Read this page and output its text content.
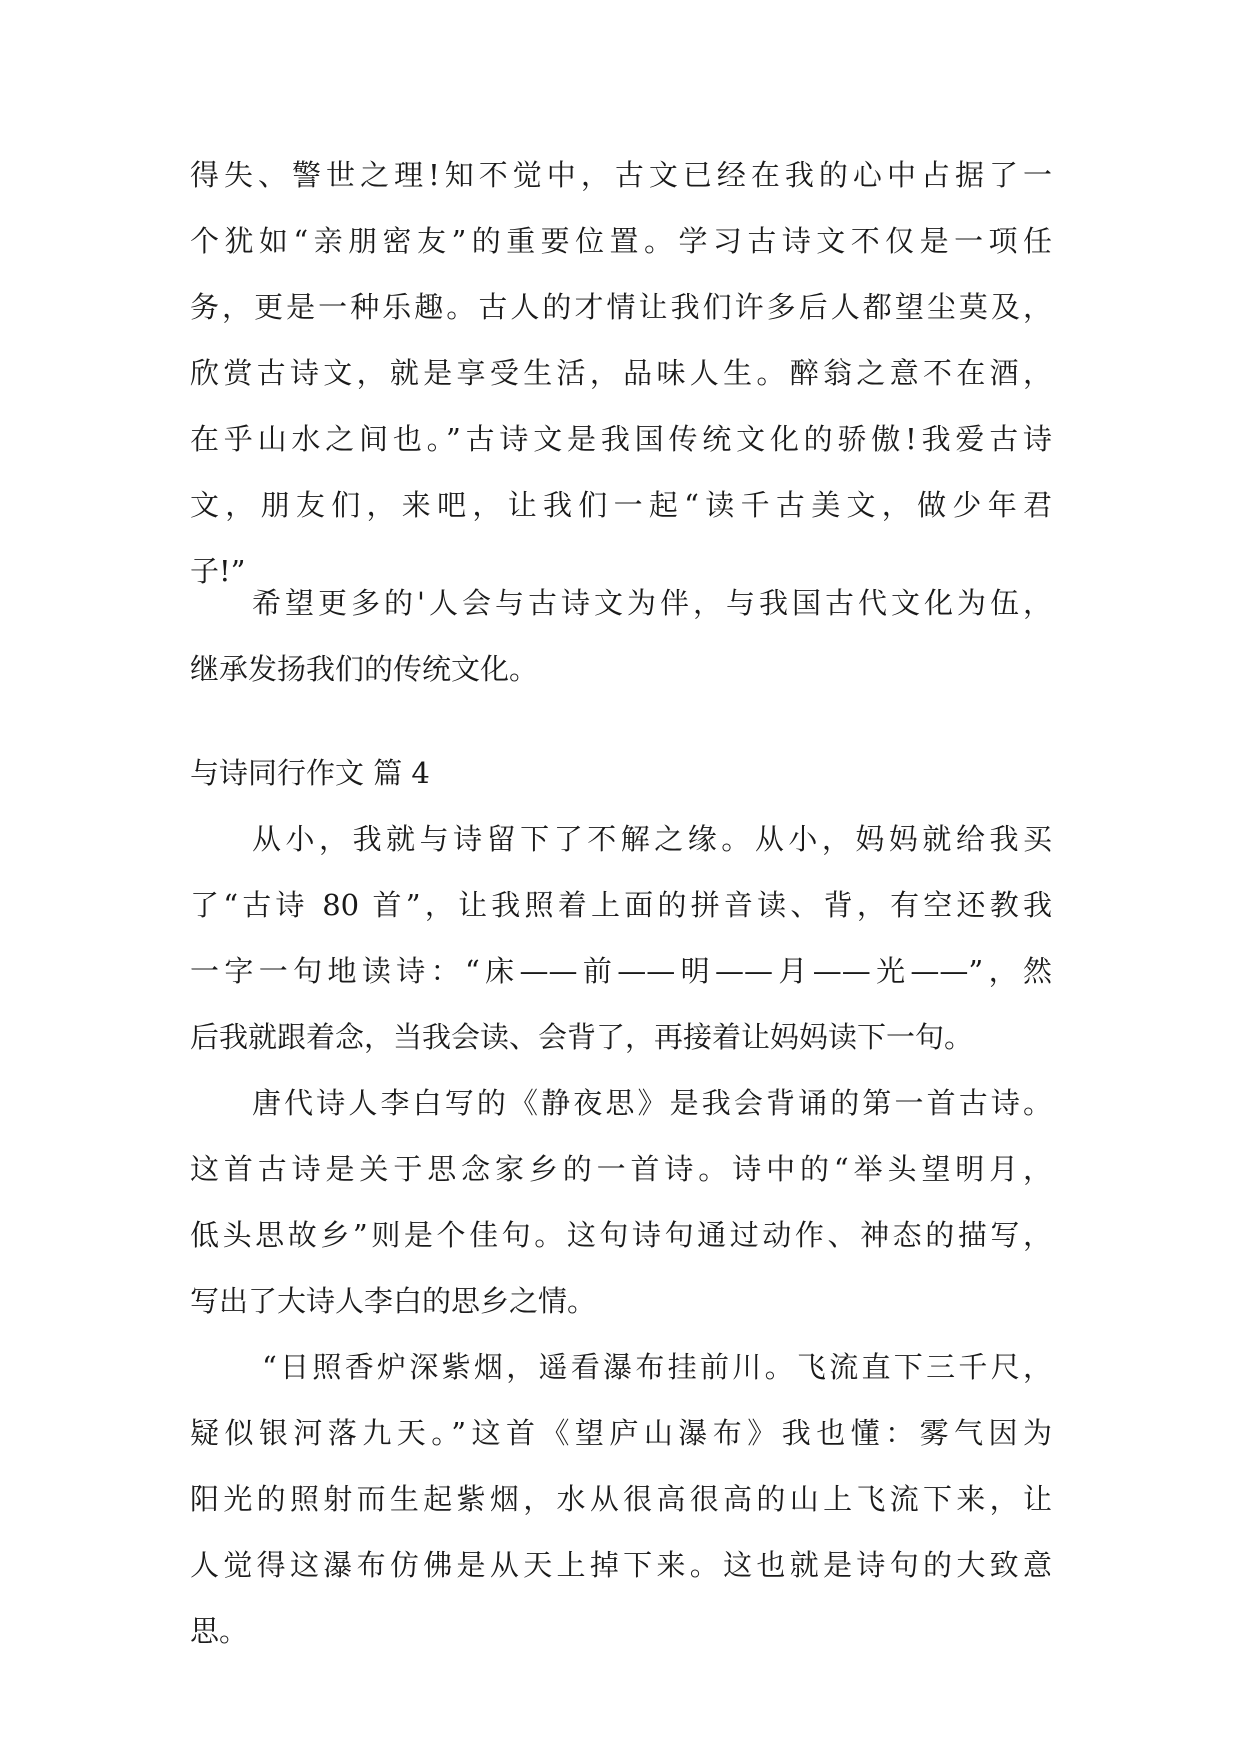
得失、警世之理!知不觉中，古文已经在我的心中占据了一
个犹如“亲朋密友”的重要位置。学习古诗文不仅是一项任
务，更是一种乐趣。古人的才情让我们许多后人都望尘莫及，
欣赏古诗文，就是享受生活，品味人生。醉翁之意不在酒，
在乎山水之间也。”古诗文是我国传统文化的骄傲!我爱古诗
文，朋友们，来吧，让我们一起“读千古美文，做少年君
子!”
希望更多的'人会与古诗文为伴，与我国古代文化为伍，
继承发扬我们的传统文化。
与诗同行作文 篇 4
从小，我就与诗留下了不解之缘。从小，妈妈就给我买
了“古诗 80 首”，让我照着上面的拼音读、背，有空还教我
一字一句地读诗：“床——前——明——月——光——”，然
后我就跟着念，当我会读、会背了，再接着让妈妈读下一句。
唐代诗人李白写的《静夜思》是我会背诵的第一首古诗。
这首古诗是关于思念家乡的一首诗。诗中的“举头望明月，
低头思故乡”则是个佳句。这句诗句通过动作、神态的描写，
写出了大诗人李白的思乡之情。
“日照香炉深紫烟，遥看瀑布挂前川。飞流直下三千尺，
疑似银河落九天。”这首《望庐山瀑布》我也懂：雾气因为
阳光的照射而生起紫烟，水从很高很高的山上飞流下来，让
人觉得这瀑布仿佛是从天上掉下来。这也就是诗句的大致意
思。
